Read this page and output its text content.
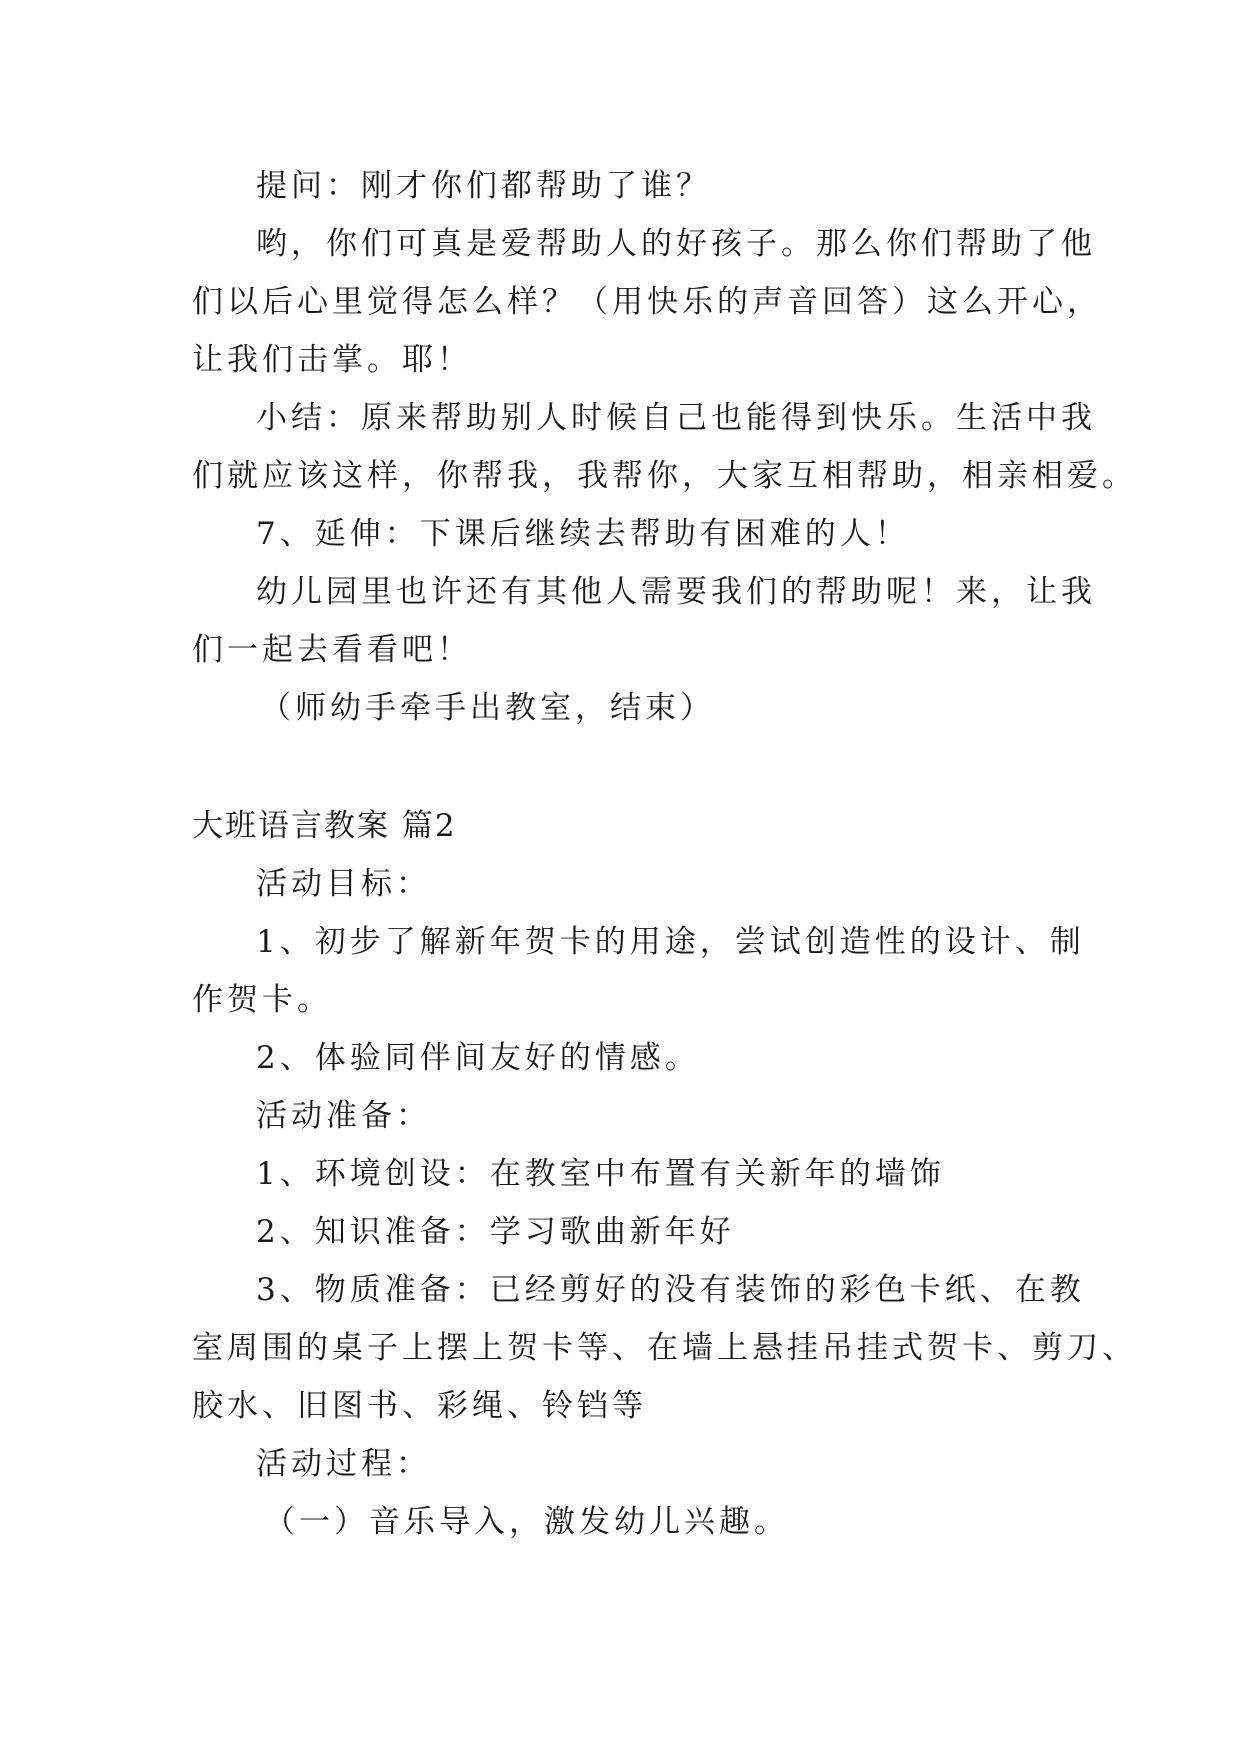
提问：刚才你们都帮助了谁？
哟，你们可真是爱帮助人的好孩子。那么你们帮助了他
们以后心里觉得怎么样？（用快乐的声音回答）这么开心，
让我们击掌。耶！
小结：原来帮助别人时候自己也能得到快乐。生活中我
们就应该这样，你帮我，我帮你，大家互相帮助，相亲相爱。
7、延伸：下课后继续去帮助有困难的人！
幼儿园里也许还有其他人需要我们的帮助呢！来，让我
们一起去看看吧！
（师幼手牵手出教室，结束）
大班语言教案 篇2
活动目标：
1、初步了解新年贺卡的用途，尝试创造性的设计、制
作贺卡。
2、体验同伴间友好的情感。
活动准备：
1、环境创设：在教室中布置有关新年的墙饰
2、知识准备：学习歌曲新年好
3、物质准备：已经剪好的没有装饰的彩色卡纸、在教
室周围的桌子上摆上贺卡等、在墙上悬挂吊挂式贺卡、剪刀、
胶水、旧图书、彩绳、铃铛等
活动过程：
（一）音乐导入，激发幼儿兴趣。
